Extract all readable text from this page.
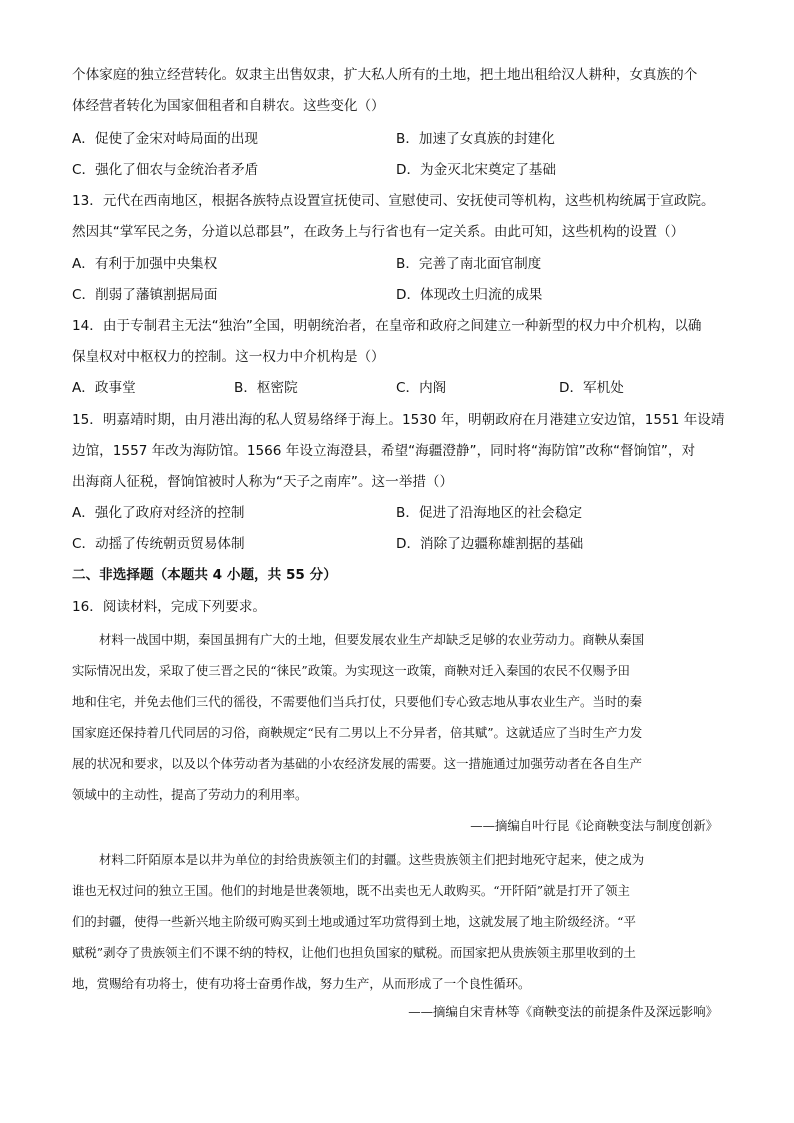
个体家庭的独立经营转化。奴隶主出售奴隶，扩大私人所有的土地，把土地出租给汉人耕种，女真族的个
体经营者转化为国家佃租者和自耕农。这些变化（）
A．促使了金宋对峙局面的出现	B．加速了女真族的封建化
C．强化了佃农与金统治者矛盾	D．为金灭北宋奠定了基础
13．元代在西南地区，根据各族特点设置宣抚使司、宣慰使司、安抚使司等机构，这些机构统属于宣政院。
然因其“掌军民之务，分道以总郡县”，在政务上与行省也有一定关系。由此可知，这些机构的设置（）
A．有利于加强中央集权	B．完善了南北面官制度
C．削弱了藩镇割据局面	D．体现改土归流的成果
14．由于专制君主无法“独治”全国，明朝统治者，在皇帝和政府之间建立一种新型的权力中介机构，以确
保皇权对中枢权力的控制。这一权力中介机构是（）
A．政事堂	B．枢密院	C．内阁	D．军机处
15．明嘉靖时期，由月港出海的私人贸易络绎于海上。1530 年，明朝政府在月港建立安边馆，1551 年设靖
边馆，1557 年改为海防馆。1566 年设立海澄县，希望“海疆澄静”，同时将“海防馆”改称“督饷馆”，对
出海商人征税，督饷馆被时人称为“天子之南库”。这一举措（）
A．强化了政府对经济的控制	B．促进了沿海地区的社会稳定
C．动摇了传统朝贡贸易体制	D．消除了边疆称雄割据的基础
二、非选择题（本题共 4 小题，共 55 分）
16．阅读材料，完成下列要求。
材料一战国中期，秦国虽拥有广大的土地，但要发展农业生产却缺乏足够的农业劳动力。商鞅从秦国
实际情况出发，采取了使三晋之民的“徕民”政策。为实现这一政策，商鞅对迁入秦国的农民不仅赐予田
地和住宅，并免去他们三代的徭役，不需要他们当兵打仗，只要他们专心致志地从事农业生产。当时的秦
国家庭还保持着几代同居的习俗，商鞅规定“民有二男以上不分异者，倍其赋”。这就适应了当时生产力发
展的状况和要求，以及以个体劳动者为基础的小农经济发展的需要。这一措施通过加强劳动者在各自生产
领域中的主动性，提高了劳动力的利用率。
——摘编自叶行昆《论商鞅变法与制度创新》
材料二阡陌原本是以井为单位的封给贵族领主们的封疆。这些贵族领主们把封地死守起来，使之成为
谁也无权过问的独立王国。他们的封地是世袭领地，既不出卖也无人敢购买。“开阡陌”就是打开了领主
们的封疆，使得一些新兴地主阶级可购买到土地或通过军功赏得到土地，这就发展了地主阶级经济。“平
赋税”剥夺了贵族领主们不课不纳的特权，让他们也担负国家的赋税。而国家把从贵族领主那里收到的土
地，赏赐给有功将士，使有功将士奋勇作战，努力生产，从而形成了一个良性循环。
——摘编自宋青林等《商鞅变法的前提条件及深远影响》
